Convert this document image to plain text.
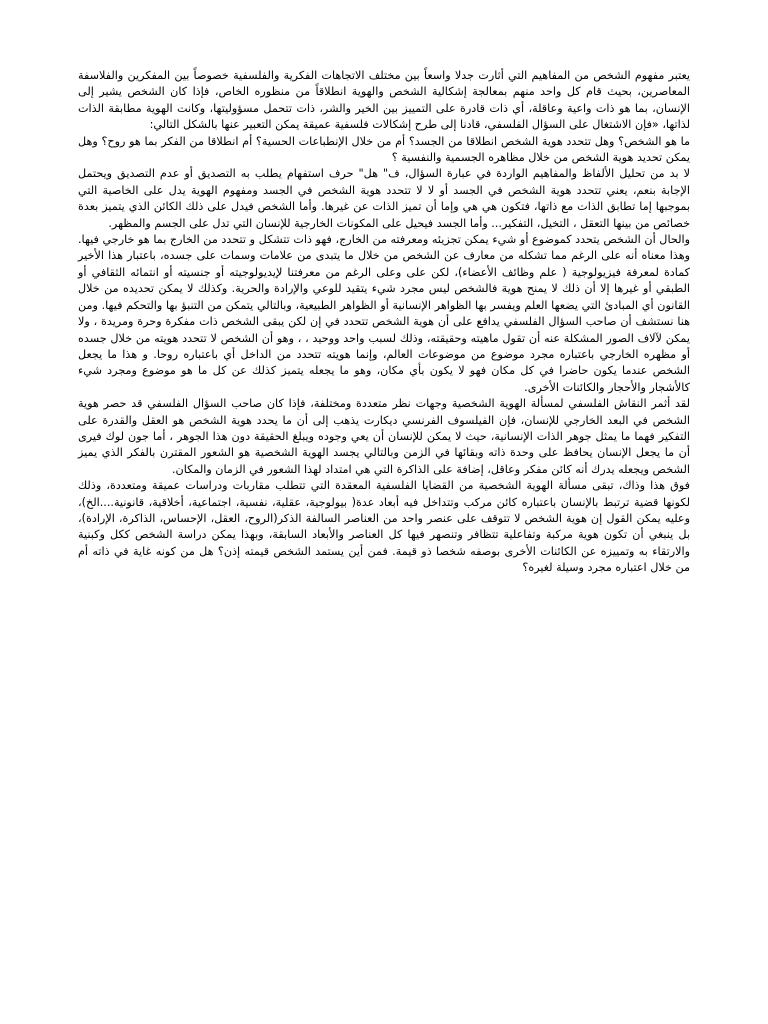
يعتبر مفهوم الشخص من المفاهيم التي أثارت جدلا واسعاً بين مختلف الاتجاهات الفكرية والفلسفية خصوصاً بين المفكرين والفلاسفة المعاصرين، بحيث قام كل واحد منهم بمعالجة إشكالية الشخص والهوية انطلاقاً من منظوره الخاص، فإذا كان الشخص يشير إلى الإنسان، بما هو ذات واعية وعاقلة، أي ذات قادرة على التمييز بين الخير والشر، ذات تتحمل مسؤوليتها، وكانت الهوية مطابقة الذات لذاتها، «فإن الاشتغال على السؤال الفلسفي، قادنا إلى طرح إشكالات فلسفية عميقة يمكن التعبير عنها بالشكل التالي:

ما هو الشخص؟ وهل تتحدد هوية الشخص انطلاقا من الجسد؟ أم من خلال الإنطباعات الحسية؟ أم انطلاقا من الفكر بما هو روح؟ وهل يمكن تحديد هوية الشخص من خلال مظاهره الجسمية والنفسية ؟

لا بد من تحليل الألفاظ والمفاهيم الواردة في عبارة السؤال، ف" هل" حرف استفهام يطلب به التصديق أو عدم التصديق ويحتمل الإجابة بنعم، يعني تتحدد هوية الشخص في الجسد أو لا لا تتحدد هوية الشخص في الجسد ومفهوم الهوية يدل على الخاصية التي بموجبها إما تطابق الذات مع ذاتها، فتكون هي هي وإما أن تميز الذات عن غيرها. وأما الشخص فيدل على ذلك الكائن الذي يتميز بعدة خصائص من بينها التعقل ، التخيل، التفكير... وأما الجسد فيحيل على المكونات الخارجية للإنسان التي تدل على الجسم والمظهر.

والحال أن الشخص يتحدد كموضوع أو شيء يمكن تجزيئه ومعرفته من الخارج، فهو ذات تتشكل و تتحدد من الخارج بما هو خارجي فيها. وهذا معناه أنه على الرغم مما تشكله من معارف عن الشخص من خلال ما يتبدى من علامات وسمات على جسده، باعتبار هذا الأخير كمادة لمعرفة فيزيولوجية ( علم وظائف الأعضاء)، لكن على وعلى الرغم من معرفتنا لإيديولوجيته أو جنسيته أو انتمائه الثقافي أو الطبقي أو غيرها إلا أن ذلك لا يمنح هوية فالشخص ليس مجرد شيء يتقيد للوعي والإرادة والحرية. وكذلك لا يمكن تحديده من خلال القانون أي المبادئ التي يضعها العلم ويفسر بها الظواهر الإنسانية أو الظواهر الطبيعية، وبالتالي يتمكن من التنبؤ بها والتحكم فيها. ومن هنا نستشف أن صاحب السؤال الفلسفي يدافع على أن هوية الشخص تتحدد في إن لكن يبقى الشخص ذات مفكرة وحرة ومريدة ، ولا يمكن لآلاف الصور المشكلة عنه أن تقول ماهيته وحقيقته، وذلك لسبب واحد ووحيد ، ، وهو أن الشخص لا تتحدد هويته من خلال جسده أو مظهره الخارجي باعتباره مجرد موضوع من موضوعات العالم، وإنما هويته تتحدد من الداخل أي باعتباره روحا. و هذا ما يجعل الشخص عندما يكون حاضرا في كل مكان فهو لا يكون بأي مكان، وهو ما يجعله يتميز كذلك عن كل ما هو موضوع ومجرد شيء كالأشجار والأحجار والكائنات الأخرى.

لقد أثمر النقاش الفلسفي لمسألة الهوية الشخصية وجهات نظر متعددة ومختلفة، فإذا كان صاحب السؤال الفلسفي قد حصر هوية الشخص في البعد الخارجي للإنسان، فإن الفيلسوف الفرنسي ديكارت يذهب إلى أن ما يحدد هوية الشخص هو العقل والقدرة على التفكير فهما ما يمثل جوهر الذات الإنسانية، حيث لا يمكن للإنسان أن يعي وجوده ويبلغ الحقيقة دون هذا الجوهر ، أما جون لوك فيرى أن ما يجعل الإنسان يحافظ على وحدة ذاته وبقائها في الزمن وبالتالي يجسد الهوية الشخصية هو الشعور المقترن بالفكر الذي يميز الشخص ويجعله يدرك أنه كائن مفكر وعاقل، إضافة على الذاكرة التي هي امتداد لهذا الشعور في الزمان والمكان.

فوق هذا وذاك، تبقى مسألة الهوية الشخصية من القضايا الفلسفية المعقدة التي تتطلب مقاربات ودراسات عميقة ومتعددة، وذلك لكونها قضية ترتبط بالإنسان باعتباره كائن مركب وتتداخل فيه أبعاد عدة( بيولوجية، عقلية، نفسية، اجتماعية، أخلاقية، قانونية....الخ)، وعليه يمكن القول إن هوية الشخص لا تتوقف على عنصر واحد من العناصر السالفة الذكر(الروح، العقل، الإحساس، الذاكرة، الإرادة)، بل ينبغي أن تكون هوية مركبة وتفاعلية تتظافر وتنصهر فيها كل العناصر والأبعاد السابقة، وبهذا يمكن دراسة الشخص ككل وكبنية والارتقاء به وتمييزه عن الكائنات الأخرى بوصفه شخصا ذو قيمة. فمن أين يستمد الشخص قيمته إذن؟ هل من كونه غاية في ذاته أم من خلال اعتباره مجرد وسيلة لغيره؟
